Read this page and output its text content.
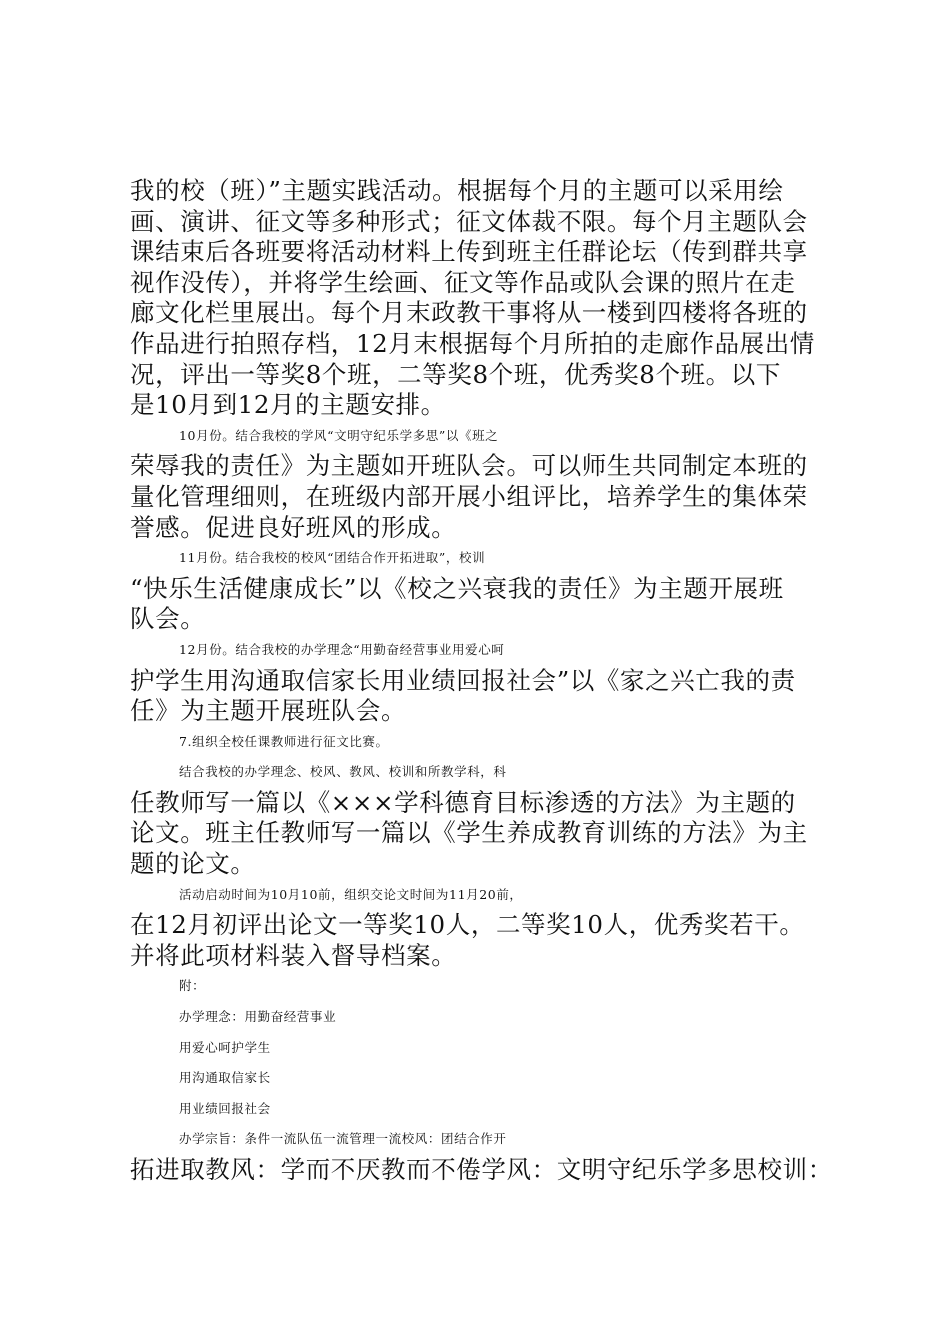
我的校（班）”主题实践活动。根据每个月的主题可以采用绘
画、演讲、征文等多种形式；征文体裁不限。每个月主题队会
课结束后各班要将活动材料上传到班主任群论坛（传到群共享
视作没传），并将学生绘画、征文等作品或队会课的照片在走
廊文化栏里展出。每个月末政教干事将从一楼到四楼将各班的
作品进行拍照存档，12月末根据每个月所拍的走廊作品展出情
况，评出一等奖8个班，二等奖8个班，优秀奖8个班。以下
是10月到12月的主题安排。

10月份。结合我校的学风“文明守纪乐学多思”以《班之
荣辱我的责任》为主题如开班队会。可以师生共同制定本班的
量化管理细则，在班级内部开展小组评比，培养学生的集体荣
誉感。促进良好班风的形成。

11月份。结合我校的校风“团结合作开拓进取”，校训
“快乐生活健康成长”以《校之兴衰我的责任》为主题开展班
队会。

12月份。结合我校的办学理念“用勤奋经营事业用爱心呵
护学生用沟通取信家长用业绩回报社会”以《家之兴亡我的责
任》为主题开展班队会。

7.组织全校任课教师进行征文比赛。

结合我校的办学理念、校风、教风、校训和所教学科，科
任教师写一篇以《×××学科德育目标渗透的方法》为主题的
论文。班主任教师写一篇以《学生养成教育训练的方法》为主
题的论文。

活动启动时间为10月10前，组织交论文时间为11月20前，
在12月初评出论文一等奖10人，二等奖10人，优秀奖若干。
并将此项材料装入督导档案。

附：

办学理念：用勤奋经营事业

用爱心呵护学生

用沟通取信家长

用业绩回报社会

办学宗旨：条件一流队伍一流管理一流校风：团结合作开
拓进取教风：学而不厌教而不倦学风：文明守纪乐学多思校训：
